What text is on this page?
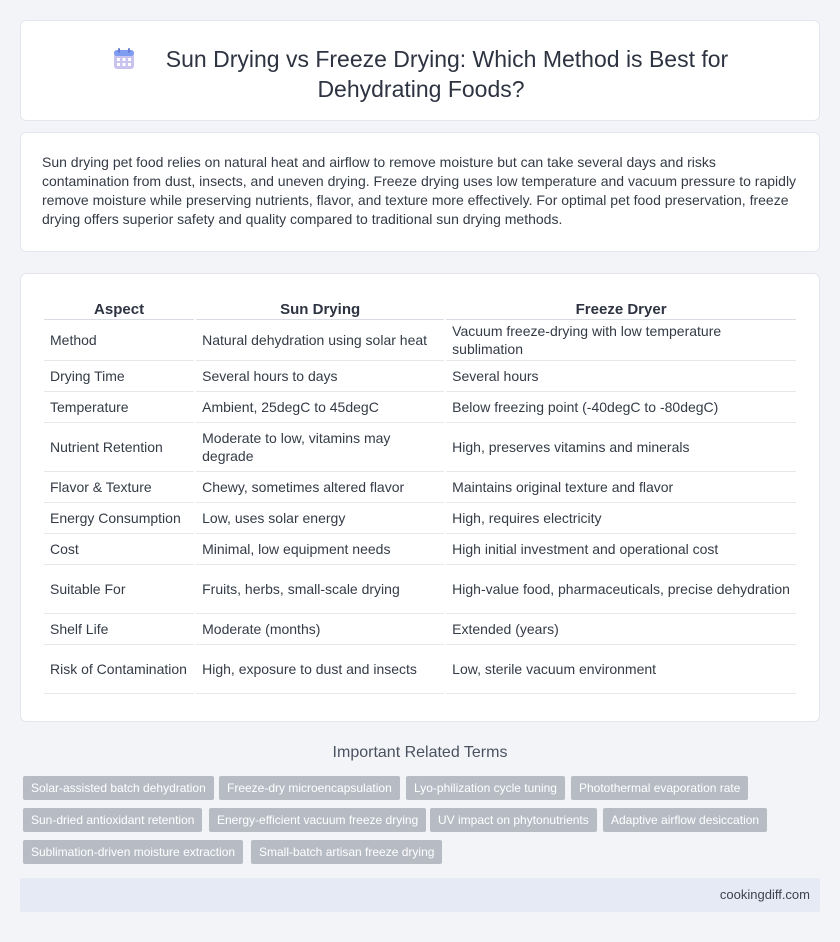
Sun Drying vs Freeze Drying: Which Method is Best for
Dehydrating Foods?

Sun drying pet food relies on natural heat and airflow to remove moisture but can take several days and risks contamination from dust, insects, and uneven drying. Freeze drying uses low temperature and vacuum pressure to rapidly remove moisture while preserving nutrients, flavor, and texture more effectively. For optimal pet food preservation, freeze drying offers superior safety and quality compared to traditional sun drying methods.

Aspect	Sun Drying	Freeze Dryer
Method	Natural dehydration using solar heat	Vacuum freeze-drying with low temperature sublimation
Drying Time	Several hours to days	Several hours
Temperature	Ambient, 25degC to 45degC	Below freezing point (-40degC to -80degC)
Nutrient Retention	Moderate to low, vitamins may degrade	High, preserves vitamins and minerals
Flavor & Texture	Chewy, sometimes altered flavor	Maintains original texture and flavor
Energy Consumption	Low, uses solar energy	High, requires electricity
Cost	Minimal, low equipment needs	High initial investment and operational cost
Suitable For	Fruits, herbs, small-scale drying	High-value food, pharmaceuticals, precise dehydration
Shelf Life	Moderate (months)	Extended (years)
Risk of Contamination	High, exposure to dust and insects	Low, sterile vacuum environment
Important Related Terms
Solar-assisted batch dehydration	Freeze-dry microencapsulation	Lyo-philization cycle tuning	Photothermal evaporation rate
Sun-dried antioxidant retention	Energy-efficient vacuum freeze drying	UV impact on phytonutrients	Adaptive airflow desiccation
Sublimation-driven moisture extraction	Small-batch artisan freeze drying
cookingdiff.com
